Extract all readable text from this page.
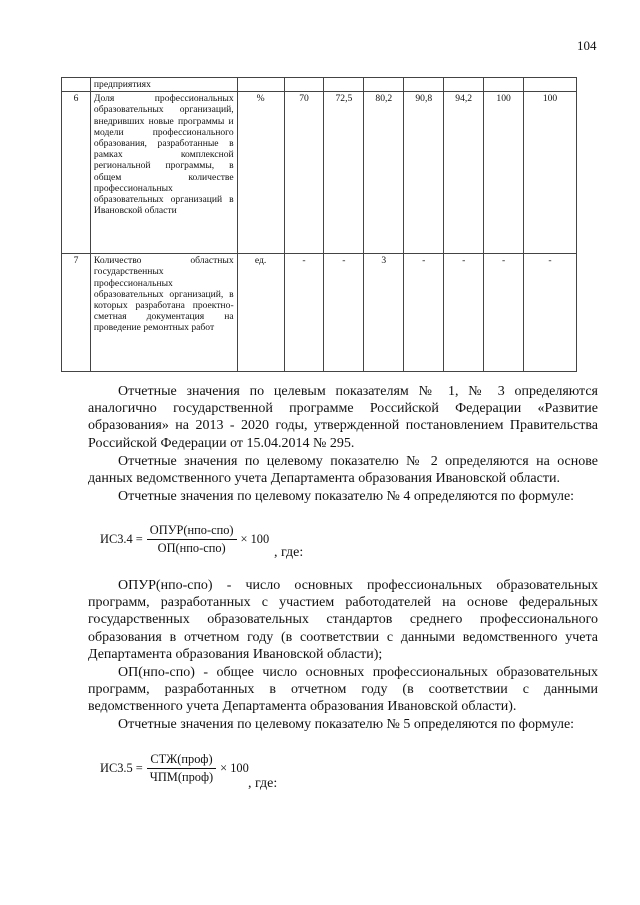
104
	предприятиях								
6	Доля профессиональных образовательных организаций, внедривших новые программы и модели профессионального образования, разработанные в рамках комплексной региональной программы, в общем количестве профессиональных образовательных организаций в Ивановской области	%	70	72,5	80,2	90,8	94,2	100	100
7	Количество областных государственных профессиональных образовательных организаций, в которых разработана проектно-сметная документация на проведение ремонтных работ	ед.	-	-	3	-	-	-	-

Отчетные значения по целевым показателям № 1, № 3 определяются аналогично государственной программе Российской Федерации «Развитие образования» на 2013 - 2020 годы, утвержденной постановлением Правительства Российской Федерации от 15.04.2014 № 295.

Отчетные значения по целевому показателю № 2 определяются на основе данных ведомственного учета Департамента образования Ивановской области.

Отчетные значения по целевому показателю № 4 определяются по формуле:

$ИС3.4 = \frac{\text{ОПУР(нпо-спо)}}{\text{ОП(нпо-спо)}} \times 100$
, где:

ОПУР(нпо-спо) - число основных профессиональных образовательных программ, разработанных с участием работодателей на основе федеральных государственных образовательных стандартов среднего профессионального образования в отчетном году (в соответствии с данными ведомственного учета Департамента образования Ивановской области);

ОП(нпо-спо) - общее число основных профессиональных образовательных программ, разработанных в отчетном году (в соответствии с данными ведомственного учета Департамента образования Ивановской области).

Отчетные значения по целевому показателю № 5 определяются по формуле:

$ИС3.5 = \frac{\text{СТЖ(проф)}}{\text{ЧПМ(проф)}} \times 100$
, где:
